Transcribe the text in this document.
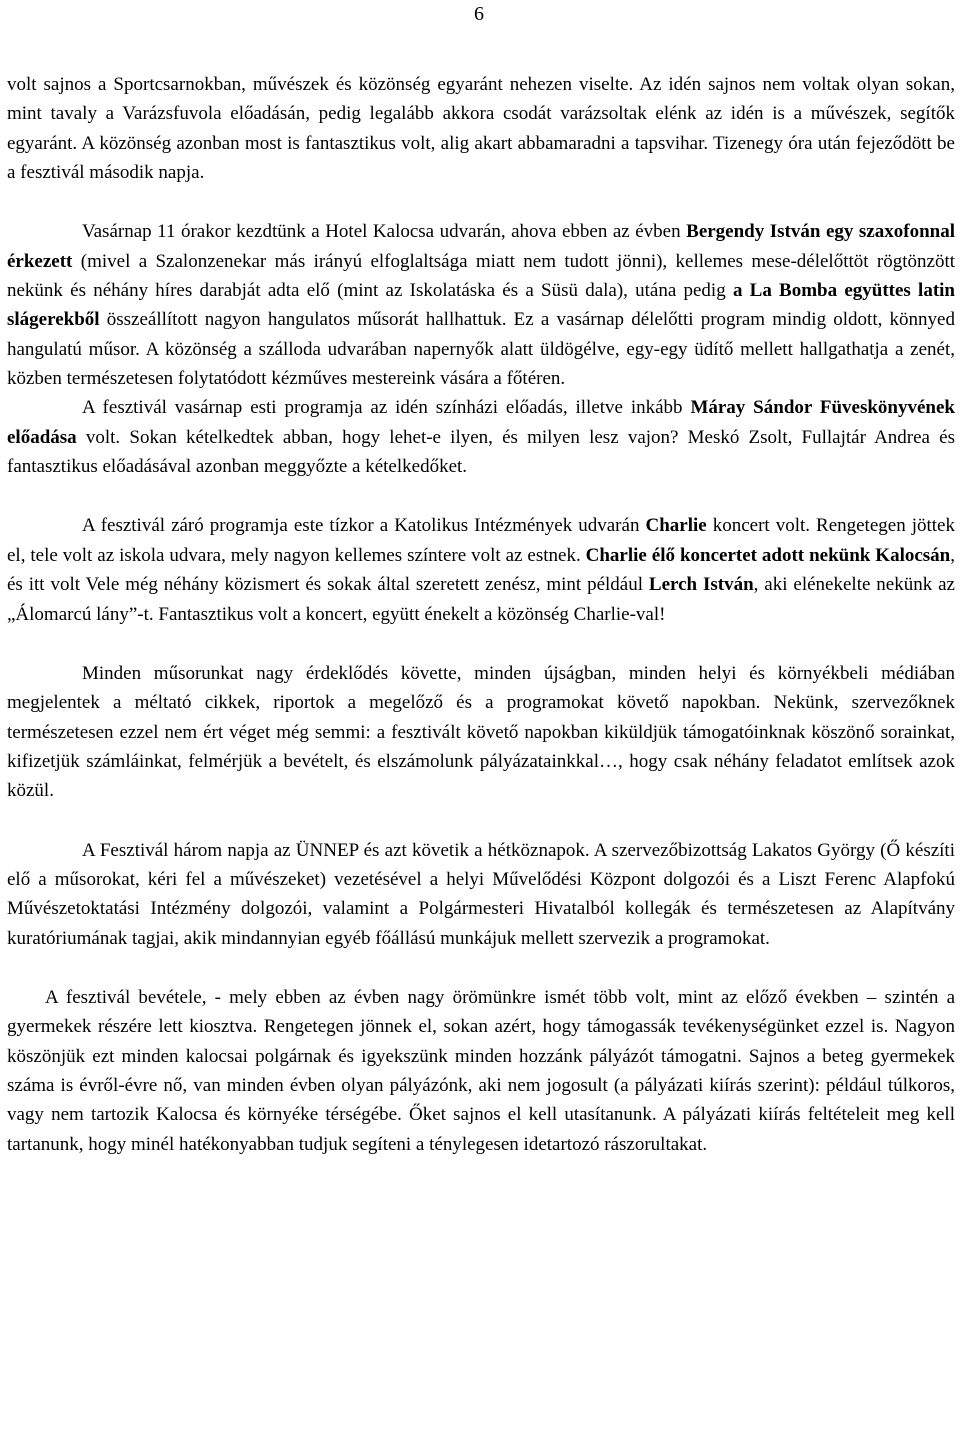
6

volt sajnos a Sportcsarnokban, művészek és közönség egyaránt nehezen viselte. Az idén sajnos nem voltak olyan sokan, mint tavaly a Varázsfuvola előadásán, pedig legalább akkora csodát varázsoltak elénk az idén is a művészek, segítők egyaránt. A közönség azonban most is fantasztikus volt, alig akart abbamaradni a tapsvihar. Tizenegy óra után fejeződött be a fesztivál második napja.

Vasárnap 11 órakor kezdtünk a Hotel Kalocsa udvarán, ahova ebben az évben Bergendy István egy szaxofonnal érkezett (mivel a Szalonzenekar más irányú elfoglaltsága miatt nem tudott jönni), kellemes mese-délelőttöt rögtönzött nekünk és néhány híres darabját adta elő (mint az Iskolatáska és a Süsü dala), utána pedig a La Bomba együttes latin slágerekből összeállított nagyon hangulatos műsorát hallhattuk. Ez a vasárnap délelőtti program mindig oldott, könnyed hangulatú műsor. A közönség a szálloda udvarában napernyők alatt üldögélve, egy-egy üdítő mellett hallgathatja a zenét, közben természetesen folytatódott kézműves mestereink vására a főtéren.

A fesztivál vasárnap esti programja az idén színházi előadás, illetve inkább Máray Sándor Füveskönyvének előadása volt. Sokan kételkedtek abban, hogy lehet-e ilyen, és milyen lesz vajon? Meskó Zsolt, Fullajtár Andrea és fantasztikus előadásával azonban meggyőzte a kételkedőket.

A fesztivál záró programja este tízkor a Katolikus Intézmények udvarán Charlie koncert volt. Rengetegen jöttek el, tele volt az iskola udvara, mely nagyon kellemes színtere volt az estnek. Charlie élő koncertet adott nekünk Kalocsán, és itt volt Vele még néhány közismert és sokak által szeretett zenész, mint például Lerch István, aki elénekelte nekünk az „Álomarcú lány”-t. Fantasztikus volt a koncert, együtt énekelt a közönség Charlie-val!

Minden műsorunkat nagy érdeklődés követte, minden újságban, minden helyi és környékbeli médiában megjelentek a méltató cikkek, riportok a megelőző és a programokat követő napokban. Nekünk, szervezőknek természetesen ezzel nem ért véget még semmi: a fesztivált követő napokban kiküldjük támogatóinknak köszönő sorainkat, kifizetjük számláinkat, felmérjük a bevételt, és elszámolunk pályázatainkkal…, hogy csak néhány feladatot említsek azok közül.

A Fesztivál három napja az ÜNNEP és azt követik a hétköznapok. A szervezőbizottság Lakatos György (Ő készíti elő a műsorokat, kéri fel a művészeket) vezetésével a helyi Művelődési Központ dolgozói és a Liszt Ferenc Alapfokú Művészetoktatási Intézmény dolgozói, valamint a Polgármesteri Hivatalból kollegák és természetesen az Alapítvány kuratóriumának tagjai, akik mindannyian egyéb főállású munkájuk mellett szervezik a programokat.

A fesztivál bevétele, - mely ebben az évben nagy örömünkre ismét több volt, mint az előző években – szintén a gyermekek részére lett kiosztva. Rengetegen jönnek el, sokan azért, hogy támogassák tevékenységünket ezzel is. Nagyon köszönjük ezt minden kalocsai polgárnak és igyekszünk minden hozzánk pályázót támogatni. Sajnos a beteg gyermekek száma is évről-évre nő, van minden évben olyan pályázónk, aki nem jogosult (a pályázati kiírás szerint): például túlkoros, vagy nem tartozik Kalocsa és környéke térségébe. Őket sajnos el kell utasítanunk. A pályázati kiírás feltételeit meg kell tartanunk, hogy minél hatékonyabban tudjuk segíteni a ténylegesen idetartozó rászorultakat.
